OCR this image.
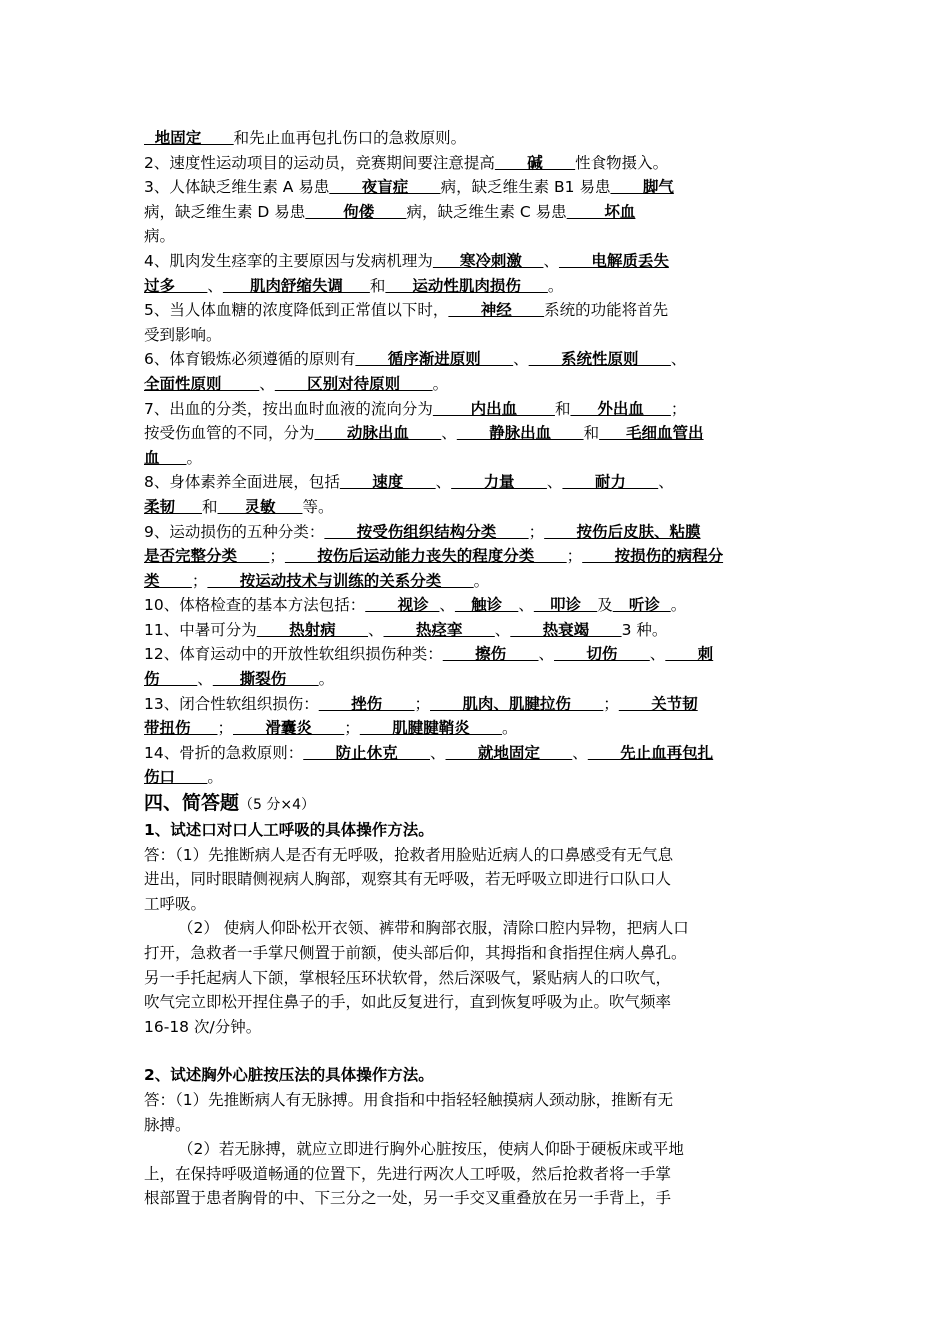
地固定      和先止血再包扎伤口的急救原则。
2、速度性运动项目的运动员，竞赛期间要注意提高      碱      性食物摄入。
3、人体缺乏维生素 A 易患      夜盲症      病，缺乏维生素 B1 易患      脚气
病，缺乏维生素 D 易患       佝偻      病，缺乏维生素 C 易患       坏血
病。
4、肌肉发生痉挛的主要原因与发病机理为     寒冷刺激    、      电解质丢失
过多      、     肌肉舒缩失调     和     运动性肌肉损伤     。
5、当人体血糖的浓度降低到正常值以下时，      神经      系统的功能将首先
受到影响。
6、体育锻炼必须遵循的原则有      循序渐进原则      、      系统性原则      、
全面性原则       、      区别对待原则      。
7、出血的分类，按出血时血液的流向分为       内出血       和     外出血     ；
按受伤血管的不同，分为      动脉出血      、      静脉出血      和     毛细血管出
血     。
8、身体素养全面进展，包括      速度      、      力量      、      耐力      、
柔韧     和     灵敏     等。
9、运动损伤的五种分类：      按受伤组织结构分类      ；      按伤后皮肤、粘膜
是否完整分类      ；      按伤后运动能力丧失的程度分类      ；      按损伤的病程分
类      ；      按运动技术与训练的关系分类      。
10、体格检查的基本方法包括：      视诊  、   触诊   、   叩诊   及   听诊  。
11、中暑可分为      热射病      、      热痉挛      、      热衰竭      3 种。
12、体育运动中的开放性软组织损伤种类：      擦伤      、      切伤      、      刺
伤       、     撕裂伤      。
13、闭合性软组织损伤：      挫伤      ；      肌肉、肌腱拉伤      ；      关节韧
带扭伤     ；      滑囊炎      ；      肌腱腱鞘炎      。
14、骨折的急救原则：      防止休克      、      就地固定      、      先止血再包扎
伤口      。
四、简答题（5 分×4）
1、试述口对口人工呼吸的具体操作方法。
答：（1）先推断病人是否有无呼吸，抢救者用脸贴近病人的口鼻感受有无气息
进出，同时眼睛侧视病人胸部，观察其有无呼吸，若无呼吸立即进行口队口人
工呼吸。
（2） 使病人仰卧松开衣领、裤带和胸部衣服，清除口腔内异物，把病人口
打开，急救者一手掌尺侧置于前额，使头部后仰，其拇指和食指捏住病人鼻孔。
另一手托起病人下颌，掌根轻压环状软骨，然后深吸气，紧贴病人的口吹气，
吹气完立即松开捏住鼻子的手，如此反复进行，直到恢复呼吸为止。吹气频率
16-18 次/分钟。
2、试述胸外心脏按压法的具体操作方法。
答：（1）先推断病人有无脉搏。用食指和中指轻轻触摸病人颈动脉，推断有无
脉搏。
（2）若无脉搏，就应立即进行胸外心脏按压，使病人仰卧于硬板床或平地
上，在保持呼吸道畅通的位置下，先进行两次人工呼吸，然后抢救者将一手掌
根部置于患者胸骨的中、下三分之一处，另一手交叉重叠放在另一手背上，手
